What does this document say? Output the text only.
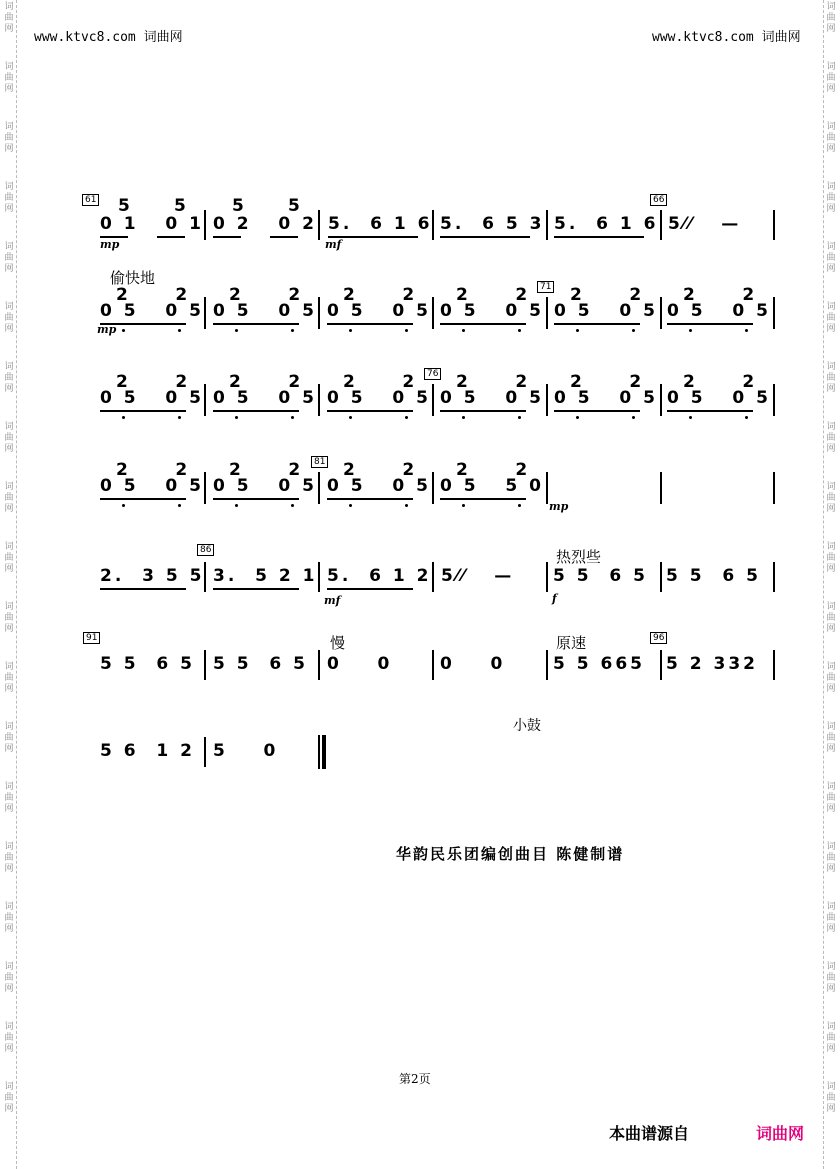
词
曲
网
词
曲
网
词
曲
网
词
曲
网
词
曲
网
词
曲
网
词
曲
网
词
曲
网
词
曲
网
词
曲
网
词
曲
网
词
曲
网
词
曲
网
词
曲
网
词
曲
网
词
曲
网
词
曲
网
词
曲
网
词
曲
网
词
曲
网
词
曲
网
词
曲
网
词
曲
网
词
曲
网
词
曲
网
词
曲
网
词
曲
网
词
曲
网
词
曲
网
词
曲
网
词
曲
网
词
曲
网
词
曲
网
词
曲
网
词
曲
网
词
曲
网
词
曲
网
词
曲
网
www.ktvc8.com 词曲网	www.ktvc8.com 词曲网
61	66
5 5	5 5
0 1   0 1 0 2   0 2 5.  6 1 6 5.  6 5 3 5.  6 1 6 5⁄⁄   —
mp	mf
偷快地	71
2     2
0 5   0 5
2     2
0 5   0 5
2     2
0 5   0 5
2     2
0 5   0 5
2     2
0 5   0 5
2     2
0 5   0 5
mp
76
2     2
0 5   0 5
2     2
0 5   0 5
2     2
0 5   0 5
2     2
0 5   0 5
2     2
0 5   0 5
2     2
0 5   0 5
81
2     2
0 5   0 5
2     2
0 5   0 5
2     2
0 5   0 5
2     2
0 5   5 0
mp
86	热烈些
2.  3 5 5 3.  5 2 1 5.  6 1 2 5⁄⁄   — 5 5  6 5 5 5  6 5
mf	f
91	慢	原速	96
5 5  6 5 5 5  6 5 0    0	0    0	5 5 665 5 2 332
小鼓
5 6  1 2 5    0
华韵民乐团编创曲目 陈健制谱
第2页
本曲谱源自	词曲网
